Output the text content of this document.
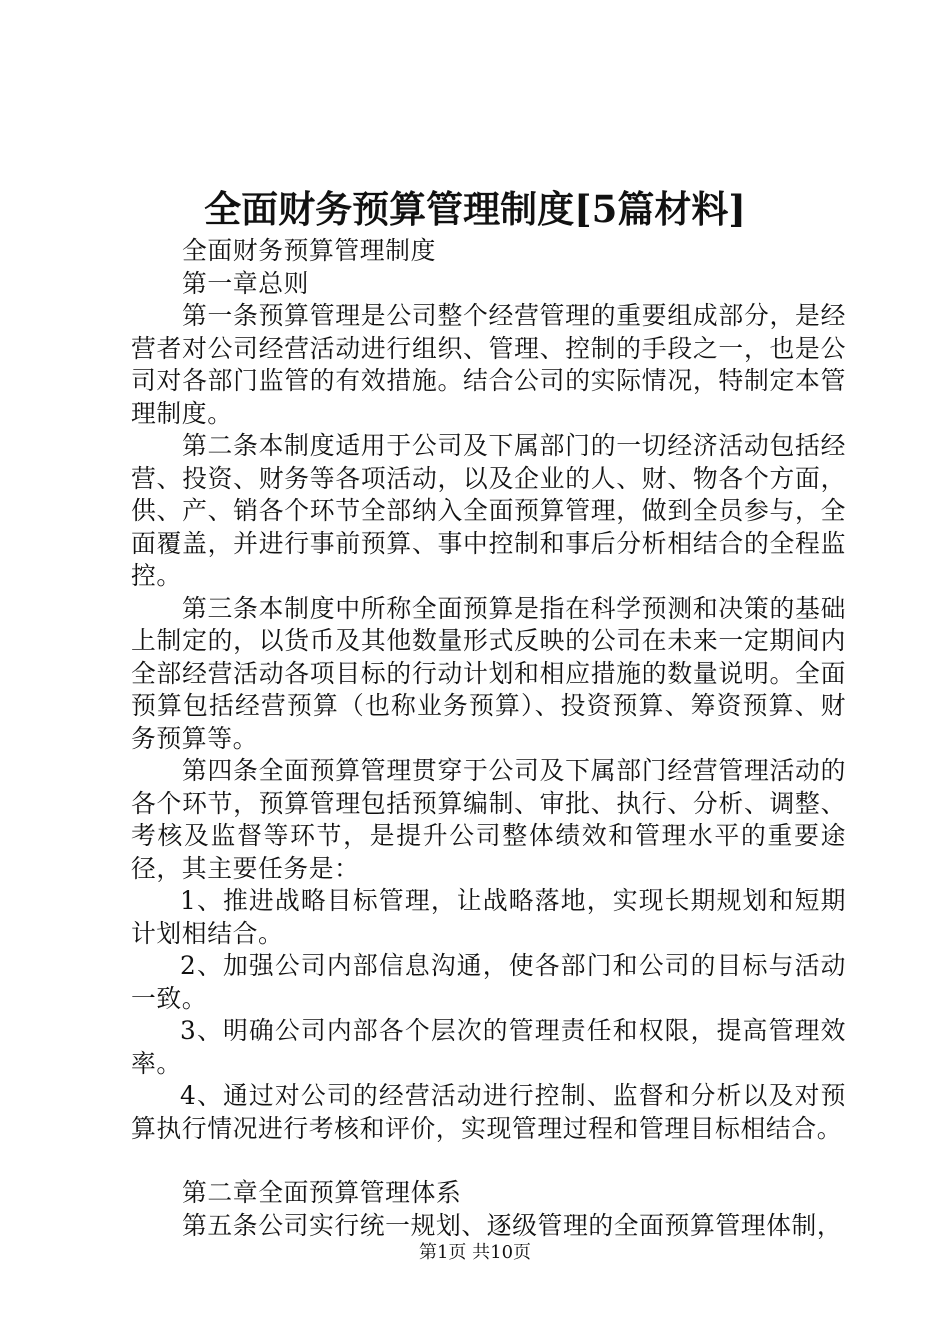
全面财务预算管理制度[5篇材料]

全面财务预算管理制度

第一章总则

第一条预算管理是公司整个经营管理的重要组成部分，是经营者对公司经营活动进行组织、管理、控制的手段之一，也是公司对各部门监管的有效措施。结合公司的实际情况，特制定本管理制度。

第二条本制度适用于公司及下属部门的一切经济活动包括经营、投资、财务等各项活动，以及企业的人、财、物各个方面，供、产、销各个环节全部纳入全面预算管理，做到全员参与，全面覆盖，并进行事前预算、事中控制和事后分析相结合的全程监控。

第三条本制度中所称全面预算是指在科学预测和决策的基础上制定的，以货币及其他数量形式反映的公司在未来一定期间内全部经营活动各项目标的行动计划和相应措施的数量说明。全面预算包括经营预算（也称业务预算）、投资预算、筹资预算、财务预算等。

第四条全面预算管理贯穿于公司及下属部门经营管理活动的各个环节，预算管理包括预算编制、审批、执行、分析、调整、考核及监督等环节，是提升公司整体绩效和管理水平的重要途径，其主要任务是：

1、推进战略目标管理，让战略落地，实现长期规划和短期计划相结合。

2、加强公司内部信息沟通，使各部门和公司的目标与活动一致。

3、明确公司内部各个层次的管理责任和权限，提高管理效率。

4、通过对公司的经营活动进行控制、监督和分析以及对预算执行情况进行考核和评价，实现管理过程和管理目标相结合。

第二章全面预算管理体系

第五条公司实行统一规划、逐级管理的全面预算管理体制，

第1页 共10页
